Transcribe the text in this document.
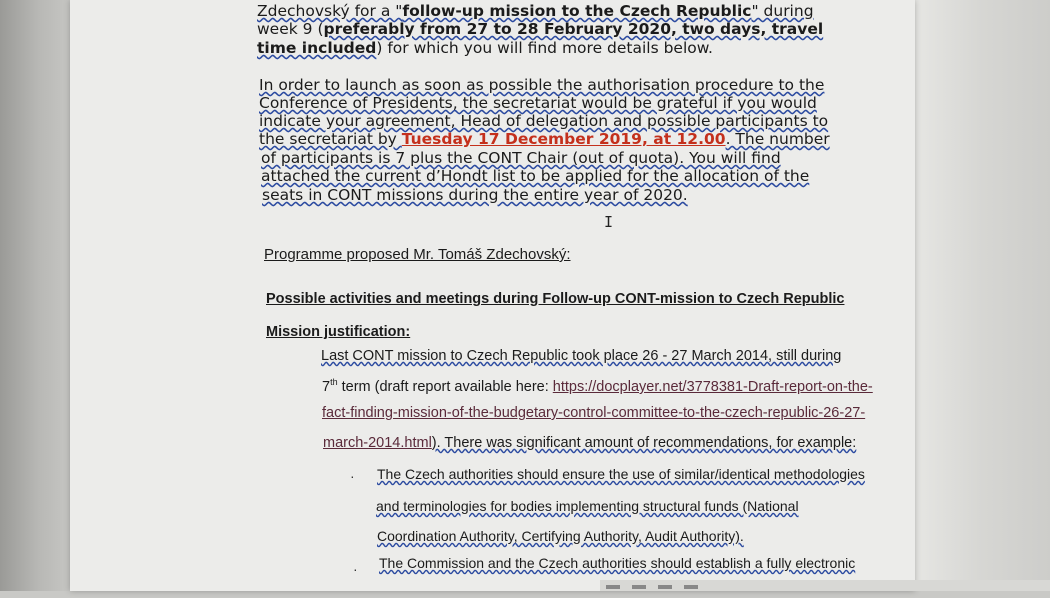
Zdechovský for a "follow-up mission to the Czech Republic" during
week 9 (preferably from 27 to 28 February 2020, two days, travel
time included) for which you will find more details below.
In order to launch as soon as possible the authorisation procedure to the
Conference of Presidents, the secretariat would be grateful if you would
indicate your agreement, Head of delegation and possible participants to
the secretariat by Tuesday 17 December 2019, at 12.00. The number
of participants is 7 plus the CONT Chair (out of quota). You will find
attached the current d’Hondt list to be applied for the allocation of the
seats in CONT missions during the entire year of 2020.
Programme proposed Mr. Tomáš Zdechovský:
Possible activities and meetings during Follow-up CONT-mission to Czech Republic
Mission justification:
Last CONT mission to Czech Republic took place 26 - 27 March 2014, still during
7th term (draft report available here: https://docplayer.net/3778381-Draft-report-on-the-
fact-finding-mission-of-the-budgetary-control-committee-to-the-czech-republic-26-27-
march-2014.html). There was significant amount of recommendations, for example:
· The Czech authorities should ensure the use of similar/identical methodologies
and terminologies for bodies implementing structural funds (National
Coordination Authority, Certifying Authority, Audit Authority).
· The Commission and the Czech authorities should establish a fully electronic
I
